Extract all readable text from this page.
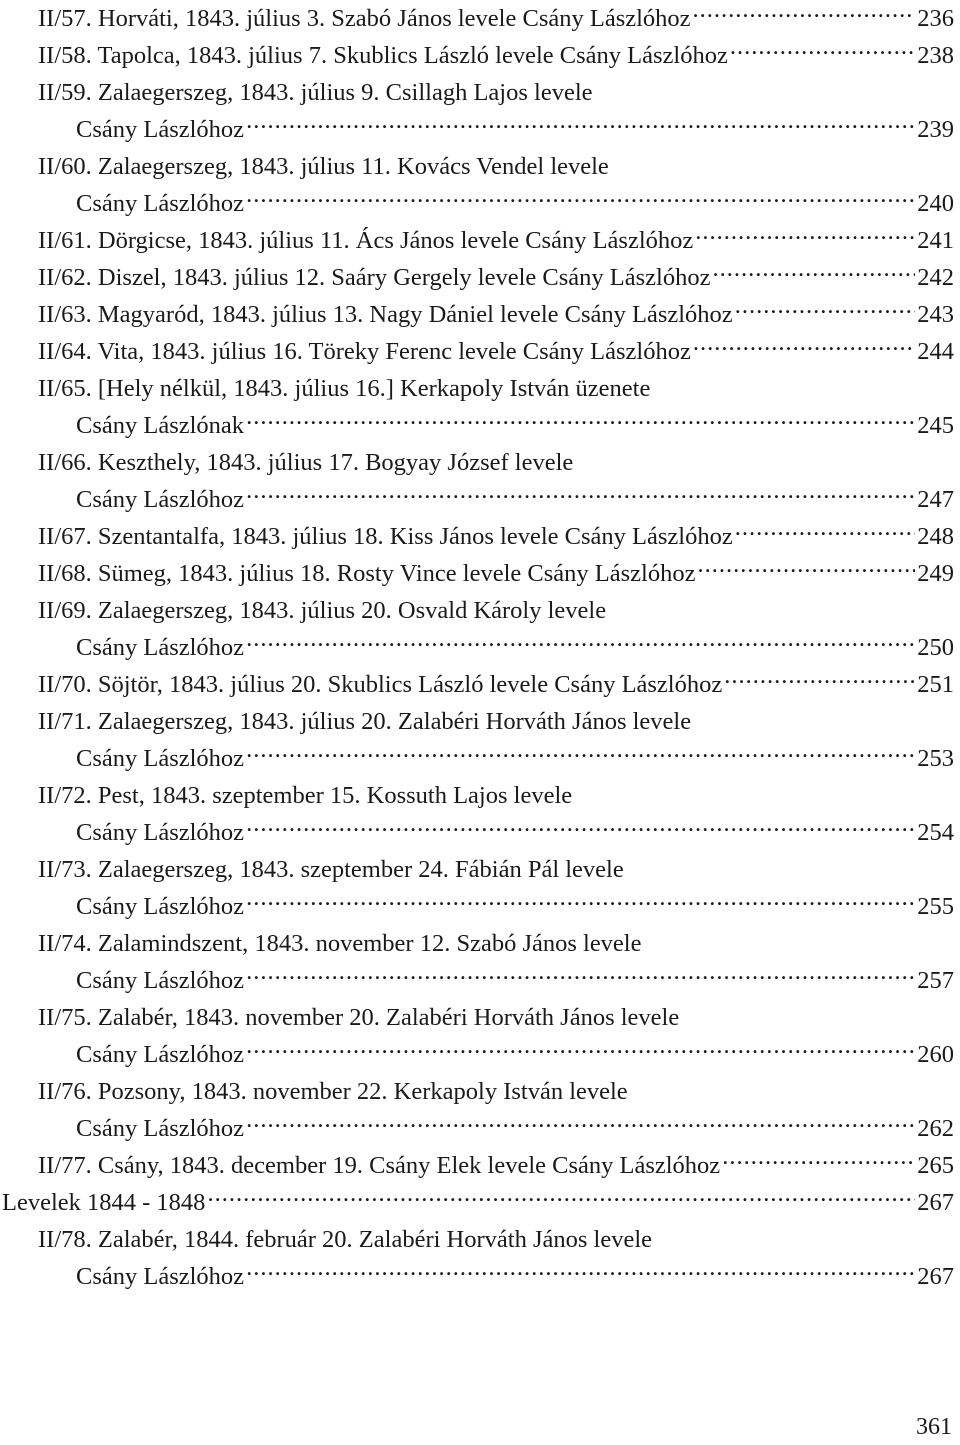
II/57. Horváti, 1843. július 3. Szabó János levele Csány Lászlóhoz .....	236
II/58. Tapolca, 1843. július 7. Skublics László levele Csány Lászlóhoz .....	238
II/59. Zalaegerszeg, 1843. július 9. Csillagh Lajos levele
Csány Lászlóhoz .....	239
II/60. Zalaegerszeg, 1843. július 11. Kovács Vendel levele
Csány Lászlóhoz .....	240
II/61. Dörgicse, 1843. július 11. Ács János levele Csány Lászlóhoz .....	241
II/62. Diszel, 1843. július 12. Saáry Gergely levele Csány Lászlóhoz .....	242
II/63. Magyaród, 1843. július 13. Nagy Dániel levele Csány Lászlóhoz .....	243
II/64. Vita, 1843. július 16. Töreky Ferenc levele Csány Lászlóhoz .....	244
II/65. [Hely nélkül, 1843. július 16.] Kerkapoly István üzenete
Csány Lászlónak .....	245
II/66. Keszthely, 1843. július 17. Bogyay József levele
Csány Lászlóhoz .....	247
II/67. Szentantalfa, 1843. július 18. Kiss János levele Csány Lászlóhoz .....	248
II/68. Sümeg, 1843. július 18. Rosty Vince levele Csány Lászlóhoz .....	249
II/69. Zalaegerszeg, 1843. július 20. Osvald Károly levele
Csány Lászlóhoz .....	250
II/70. Söjtör, 1843. július 20. Skublics László levele Csány Lászlóhoz .....	251
II/71. Zalaegerszeg, 1843. július 20. Zalabéri Horváth János levele
Csány Lászlóhoz .....	253
II/72. Pest, 1843. szeptember 15. Kossuth Lajos levele
Csány Lászlóhoz .....	254
II/73. Zalaegerszeg, 1843. szeptember 24. Fábián Pál levele
Csány Lászlóhoz .....	255
II/74. Zalamindszent, 1843. november 12. Szabó János levele
Csány Lászlóhoz .....	257
II/75. Zalabér, 1843. november 20. Zalabéri Horváth János levele
Csány Lászlóhoz .....	260
II/76. Pozsony, 1843. november 22. Kerkapoly István levele
Csány Lászlóhoz .....	262
II/77. Csány, 1843. december 19. Csány Elek levele Csány Lászlóhoz .....	265
Levelek 1844 - 1848 .....	267
II/78. Zalabér, 1844. február 20. Zalabéri Horváth János levele
Csány Lászlóhoz .....	267
361
